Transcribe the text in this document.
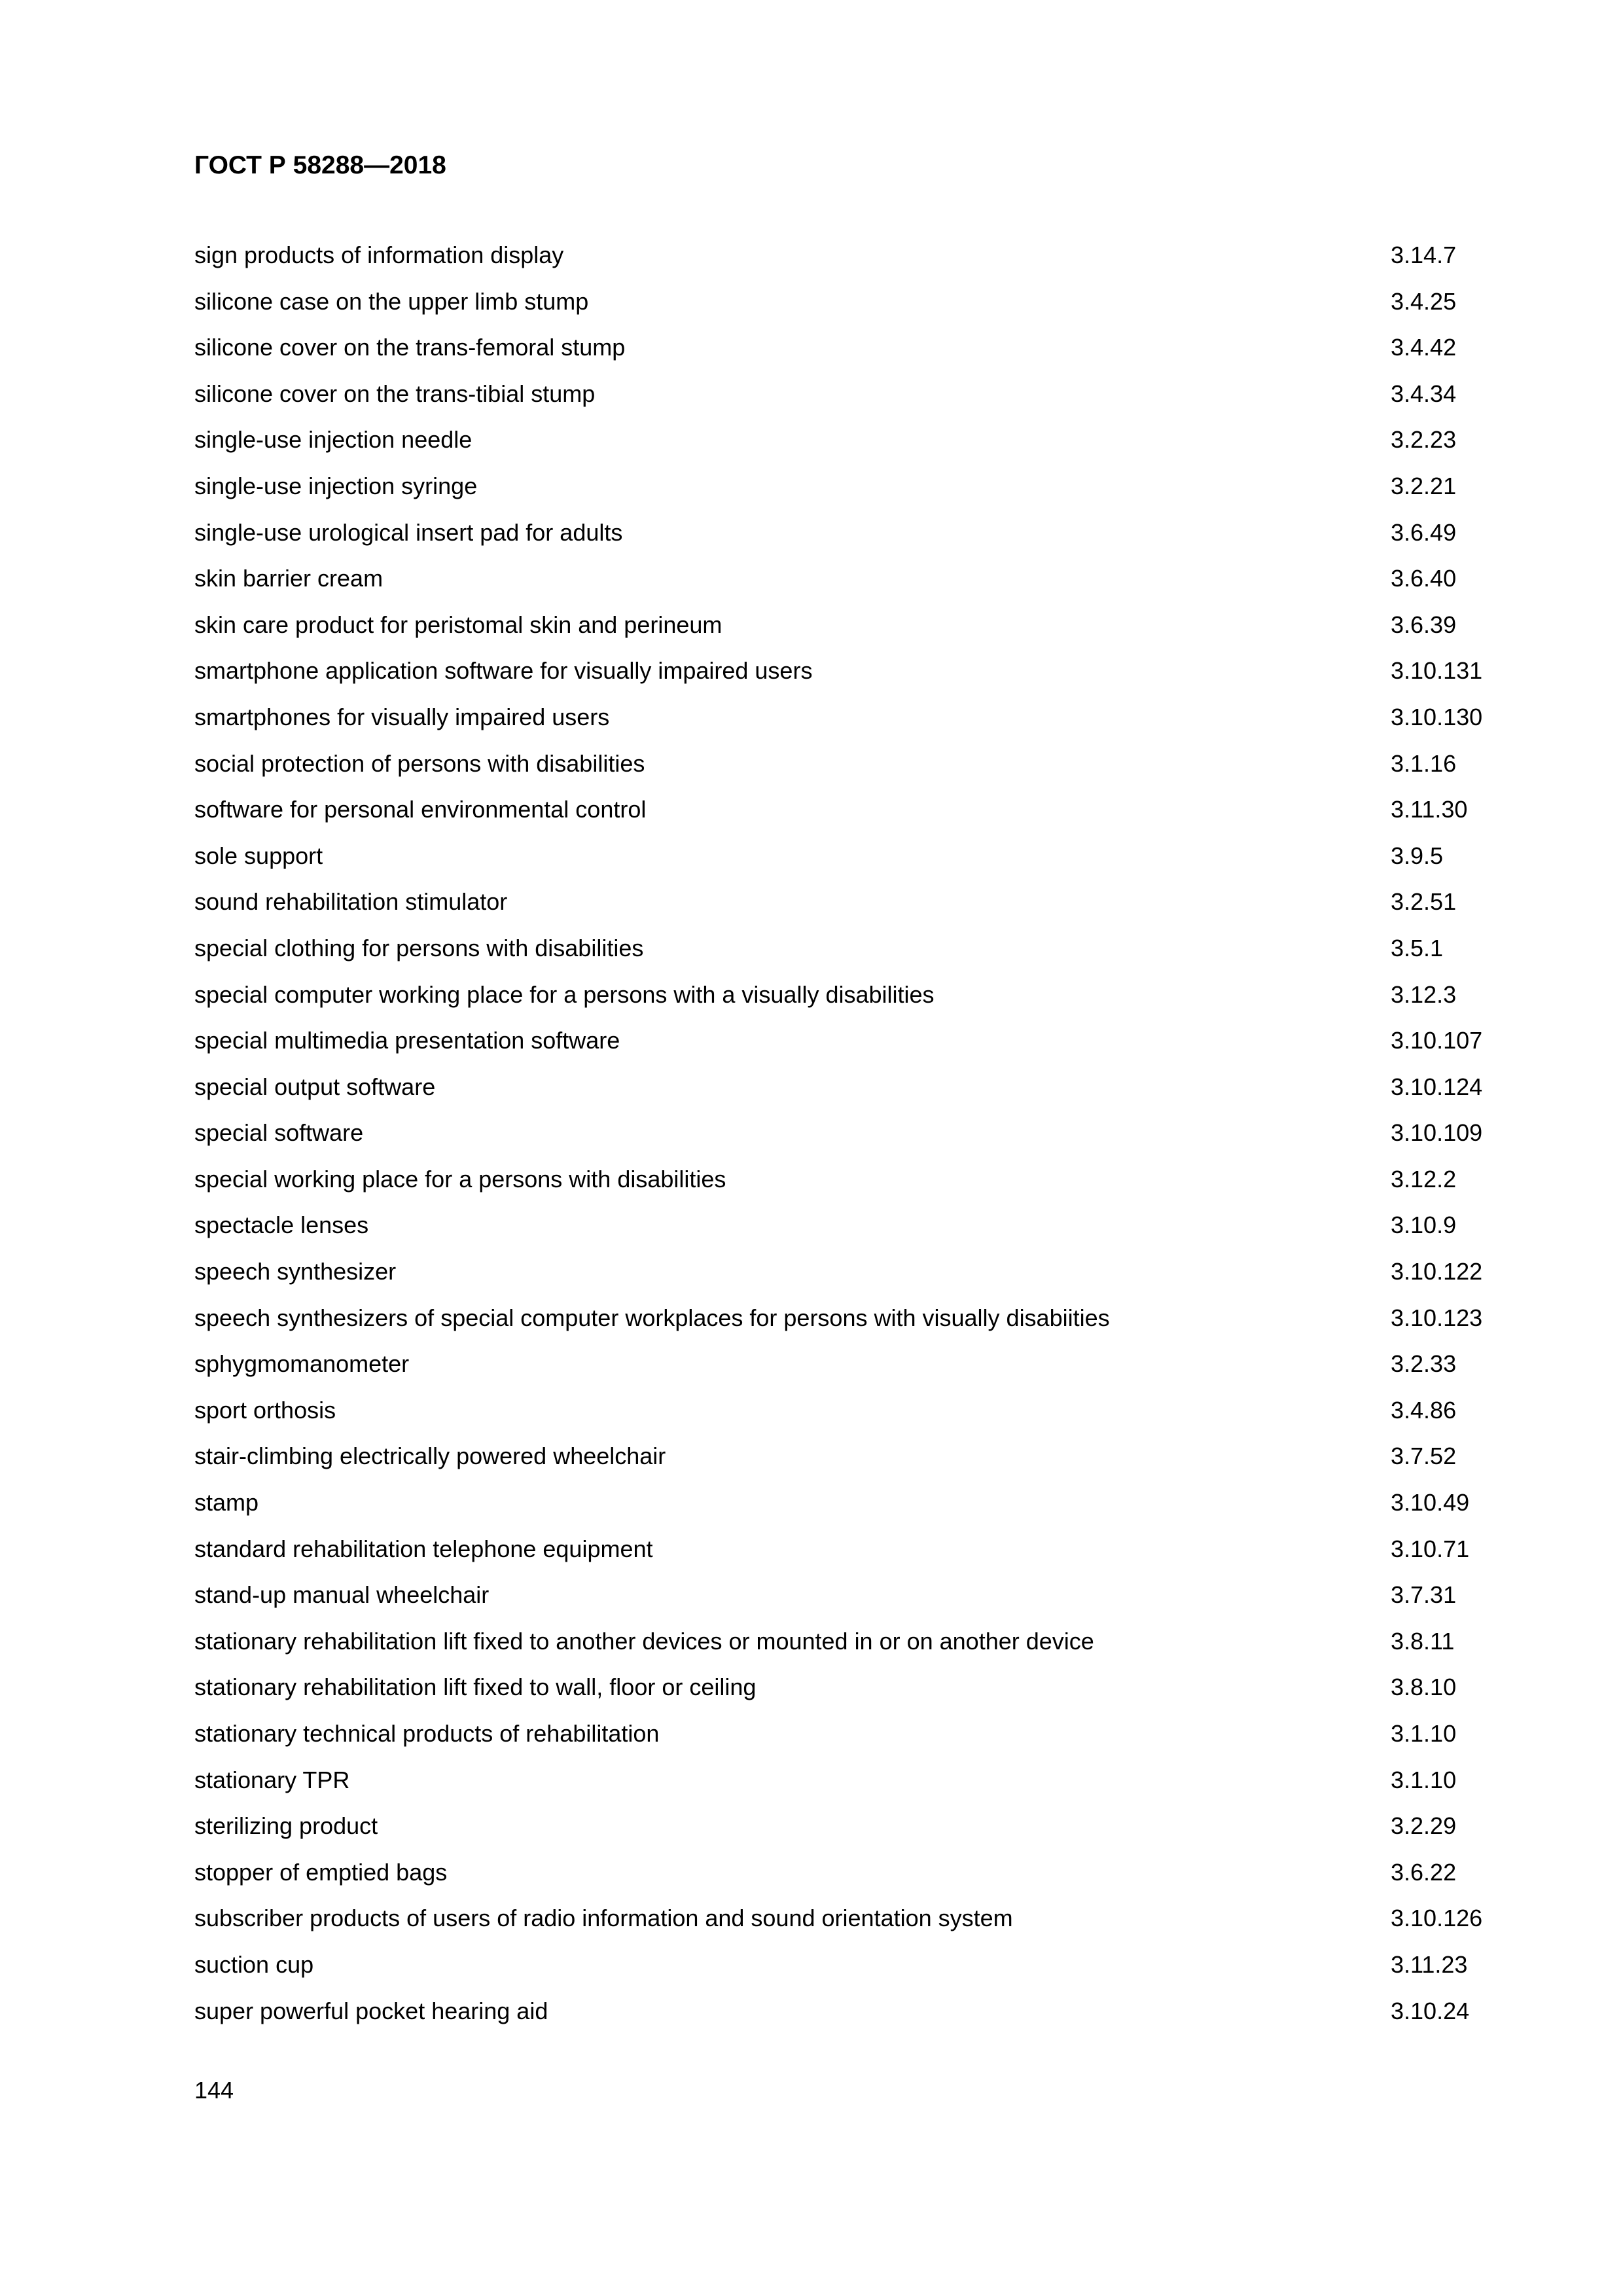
ГОСТ Р 58288—2018
sign products of information display	3.14.7
silicone case on the upper limb stump	3.4.25
silicone cover on the trans-femoral stump	3.4.42
silicone cover on the trans-tibial stump	3.4.34
single-use injection needle	3.2.23
single-use injection syringe	3.2.21
single-use urological insert pad for adults	3.6.49
skin barrier cream	3.6.40
skin care product for peristomal skin and perineum	3.6.39
smartphone application software for visually impaired users	3.10.131
smartphones for visually impaired users	3.10.130
social protection of persons with disabilities	3.1.16
software for personal environmental control	3.11.30
sole support	3.9.5
sound rehabilitation stimulator	3.2.51
special clothing for persons with disabilities	3.5.1
special computer working place for a persons with a visually disabilities	3.12.3
special multimedia presentation software	3.10.107
special output software	3.10.124
special software	3.10.109
special working place for a persons with disabilities	3.12.2
spectacle lenses	3.10.9
speech synthesizer	3.10.122
speech synthesizers of special computer workplaces for persons with visually disabiities	3.10.123
sphygmomanometer	3.2.33
sport orthosis	3.4.86
stair-climbing electrically powered wheelchair	3.7.52
stamp	3.10.49
standard rehabilitation telephone equipment	3.10.71
stand-up manual wheelchair	3.7.31
stationary rehabilitation lift fixed to another devices or mounted in or on another device	3.8.11
stationary rehabilitation lift fixed to wall, floor or ceiling	3.8.10
stationary technical products of rehabilitation	3.1.10
stationary TPR	3.1.10
sterilizing product	3.2.29
stopper of emptied bags	3.6.22
subscriber products of users of radio information and sound orientation system	3.10.126
suction cup	3.11.23
super powerful pocket hearing aid	3.10.24
144
